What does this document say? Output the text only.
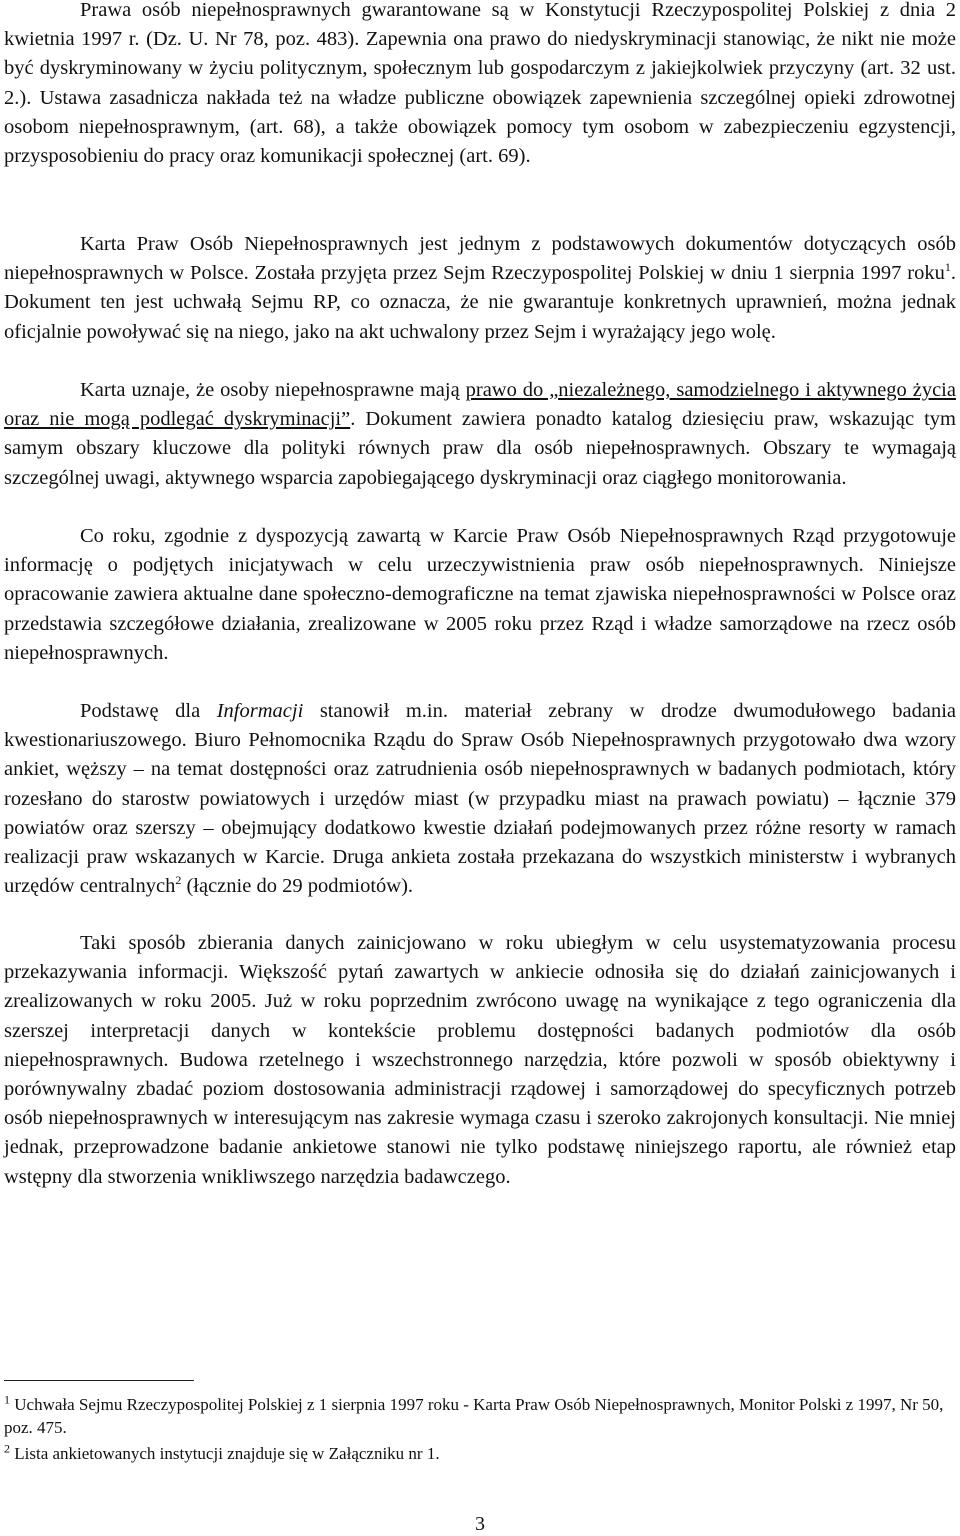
Prawa osób niepełnosprawnych gwarantowane są w Konstytucji Rzeczypospolitej Polskiej z dnia 2 kwietnia 1997 r. (Dz. U. Nr 78, poz. 483). Zapewnia ona prawo do niedyskryminacji stanowiąc, że nikt nie może być dyskryminowany w życiu politycznym, społecznym lub gospodarczym z jakiejkolwiek przyczyny (art. 32 ust. 2.). Ustawa zasadnicza nakłada też na władze publiczne obowiązek zapewnienia szczególnej opieki zdrowotnej osobom niepełnosprawnym, (art. 68), a także obowiązek pomocy tym osobom w zabezpieczeniu egzystencji, przysposobieniu do pracy oraz komunikacji społecznej (art. 69).

Karta Praw Osób Niepełnosprawnych jest jednym z podstawowych dokumentów dotyczących osób niepełnosprawnych w Polsce. Została przyjęta przez Sejm Rzeczypospolitej Polskiej w dniu 1 sierpnia 1997 roku$^1$. Dokument ten jest uchwałą Sejmu RP, co oznacza, że nie gwarantuje konkretnych uprawnień, można jednak oficjalnie powoływać się na niego, jako na akt uchwalony przez Sejm i wyrażający jego wolę.

Karta uznaje, że osoby niepełnosprawne mają prawo do „niezależnego, samodzielnego i aktywnego życia oraz nie mogą podlegać dyskryminacji”. Dokument zawiera ponadto katalog dziesięciu praw, wskazując tym samym obszary kluczowe dla polityki równych praw dla osób niepełnosprawnych. Obszary te wymagają szczególnej uwagi, aktywnego wsparcia zapobiegającego dyskryminacji oraz ciągłego monitorowania.

Co roku, zgodnie z dyspozycją zawartą w Karcie Praw Osób Niepełnosprawnych Rząd przygotowuje informację o podjętych inicjatywach w celu urzeczywistnienia praw osób niepełnosprawnych. Niniejsze opracowanie zawiera aktualne dane społeczno-demograficzne na temat zjawiska niepełnosprawności w Polsce oraz przedstawia szczegółowe działania, zrealizowane w 2005 roku przez Rząd i władze samorządowe na rzecz osób niepełnosprawnych.

Podstawę dla Informacji stanowił m.in. materiał zebrany w drodze dwumodułowego badania kwestionariuszowego. Biuro Pełnomocnika Rządu do Spraw Osób Niepełnosprawnych przygotowało dwa wzory ankiet, węższy – na temat dostępności oraz zatrudnienia osób niepełnosprawnych w badanych podmiotach, który rozesłano do starostw powiatowych i urzędów miast (w przypadku miast na prawach powiatu) – łącznie 379 powiatów oraz szerszy – obejmujący dodatkowo kwestie działań podejmowanych przez różne resorty w ramach realizacji praw wskazanych w Karcie. Druga ankieta została przekazana do wszystkich ministerstw i wybranych urzędów centralnych$^2$ (łącznie do 29 podmiotów).

Taki sposób zbierania danych zainicjowano w roku ubiegłym w celu usystematyzowania procesu przekazywania informacji. Większość pytań zawartych w ankiecie odnosiła się do działań zainicjowanych i zrealizowanych w roku 2005. Już w roku poprzednim zwrócono uwagę na wynikające z tego ograniczenia dla szerszej interpretacji danych w kontekście problemu dostępności badanych podmiotów dla osób niepełnosprawnych. Budowa rzetelnego i wszechstronnego narzędzia, które pozwoli w sposób obiektywny i porównywalny zbadać poziom dostosowania administracji rządowej i samorządowej do specyficznych potrzeb osób niepełnosprawnych w interesującym nas zakresie wymaga czasu i szeroko zakrojonych konsultacji. Nie mniej jednak, przeprowadzone badanie ankietowe stanowi nie tylko podstawę niniejszego raportu, ale również etap wstępny dla stworzenia wnikliwszego narzędzia badawczego.

$^1$ Uchwała Sejmu Rzeczypospolitej Polskiej z 1 sierpnia 1997 roku - Karta Praw Osób Niepełnosprawnych, Monitor Polski z 1997, Nr 50, poz. 475.

$^2$ Lista ankietowanych instytucji znajduje się w Załączniku nr 1.

3
